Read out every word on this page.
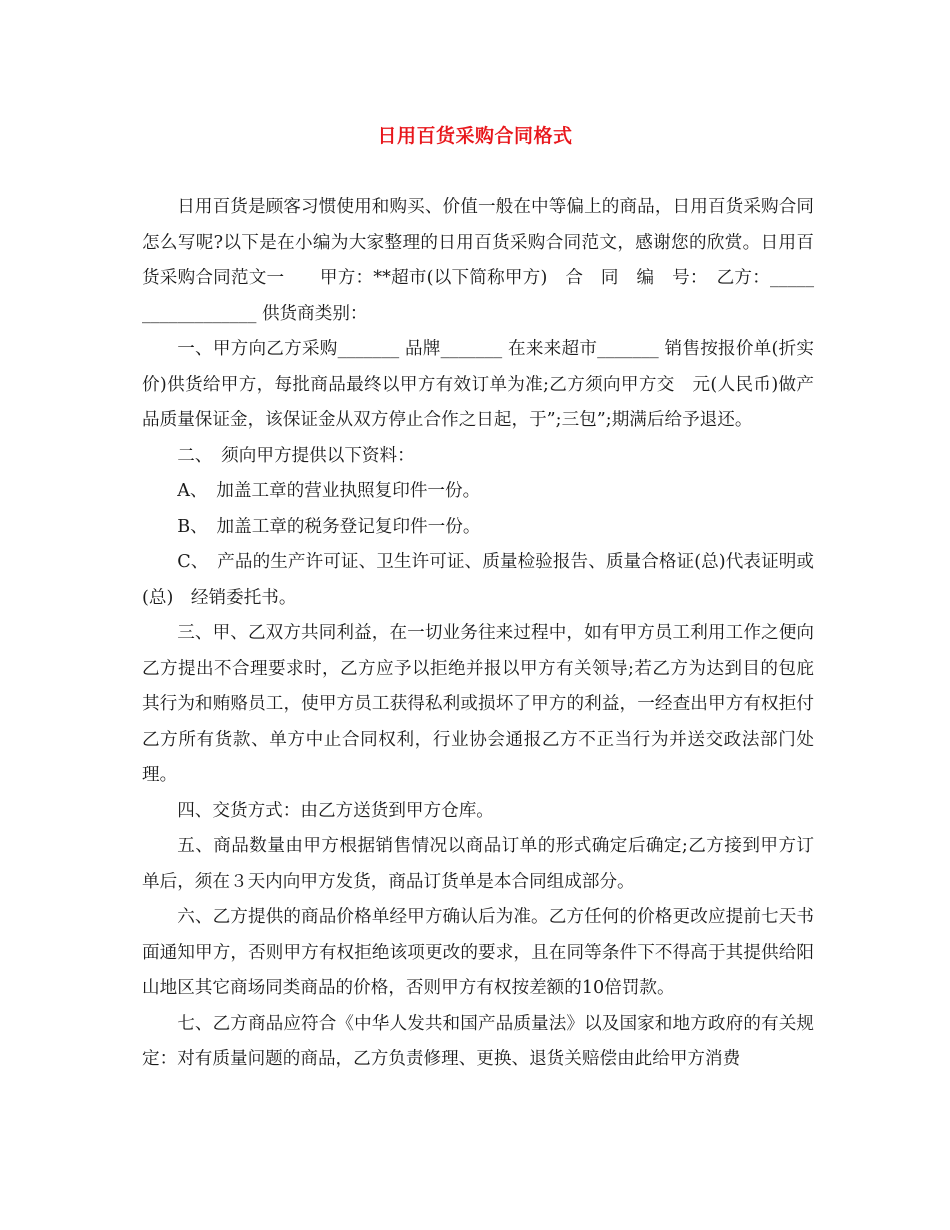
日用百货采购合同格式

日用百货是顾客习惯使用和购买、价值一般在中等偏上的商品，日用百货采购合同怎么写呢?以下是在小编为大家整理的日用百货采购合同范文，感谢您的欣赏。日用百货采购合同范文一　　甲方：**超市(以下简称甲方)　合　同　编　号：　乙方：__________________ 供货商类别：

一、甲方向乙方采购_______ 品牌_______ 在来来超市_______ 销售按报价单(折实　价)供货给甲方，每批商品最终以甲方有效订单为准;乙方须向甲方交　元(人民币)做产品质量保证金，该保证金从双方停止合作之日起，于”;三包”;期满后给予退还。

二、　须向甲方提供以下资料：

A、　加盖工章的营业执照复印件一份。

B、　加盖工章的税务登记复印件一份。

C、　产品的生产许可证、卫生许可证、质量检验报告、质量合格证(总)代表证明或(总)　经销委托书。

三、甲、乙双方共同利益，在一切业务往来过程中，如有甲方员工利用工作之便向乙方提出不合理要求时，乙方应予以拒绝并报以甲方有关领导;若乙方为达到目的包庇其行为和贿赂员工，使甲方员工获得私利或损坏了甲方的利益，一经查出甲方有权拒付乙方所有货款、单方中止合同权利，行业协会通报乙方不正当行为并送交政法部门处理。

四、交货方式：由乙方送货到甲方仓库。

五、商品数量由甲方根据销售情况以商品订单的形式确定后确定;乙方接到甲方订单后，须在３天内向甲方发货，商品订货单是本合同组成部分。

六、乙方提供的商品价格单经甲方确认后为准。乙方任何的价格更改应提前七天书面通知甲方，否则甲方有权拒绝该项更改的要求，且在同等条件下不得高于其提供给阳山地区其它商场同类商品的价格，否则甲方有权按差额的10倍罚款。

七、乙方商品应符合《中华人发共和国产品质量法》以及国家和地方政府的有关规定：对有质量问题的商品，乙方负责修理、更换、退货关赔偿由此给甲方消费
